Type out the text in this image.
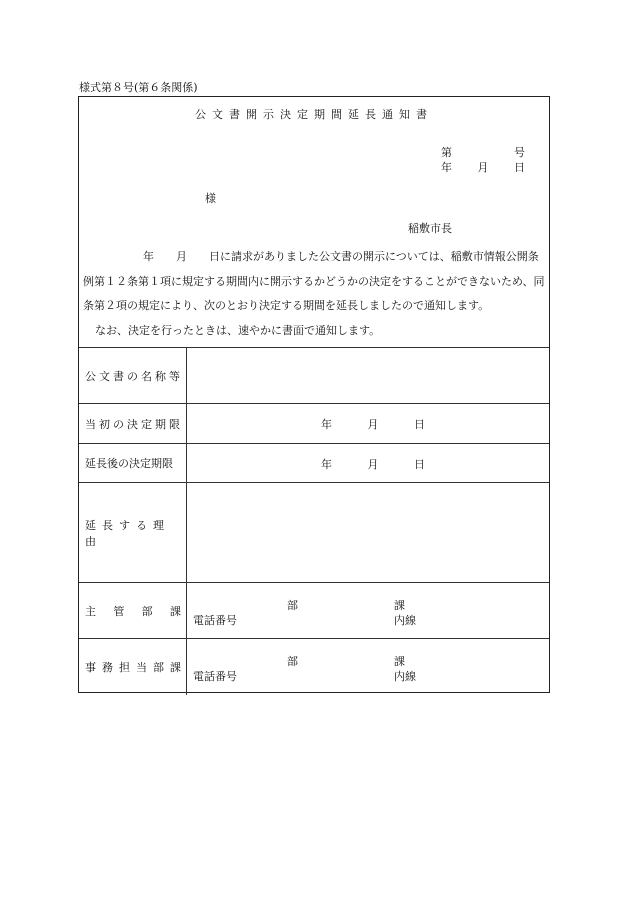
様式第８号(第６条関係)
公文書開示決定期間延長通知書
第	号
年 月 日
様
稲敷市長

年　　月　　日に請求がありました公文書の開示については、稲敷市情報公開条例第１２条第１項に規定する期間内に開示するかどうかの決定をすることができないため、同条第２項の規定により、次のとおり決定する期間を延長しましたので通知します。

なお、決定を行ったときは、速やかに書面で通知します。

公文書の名称等
当初の決定期限	年	月	日
延長後の決定期限	年	月	日
延長する理由
主 管 部 課	部	課
電話番号	内線
事 務 担 当 部 課	部	課
電話番号	内線
